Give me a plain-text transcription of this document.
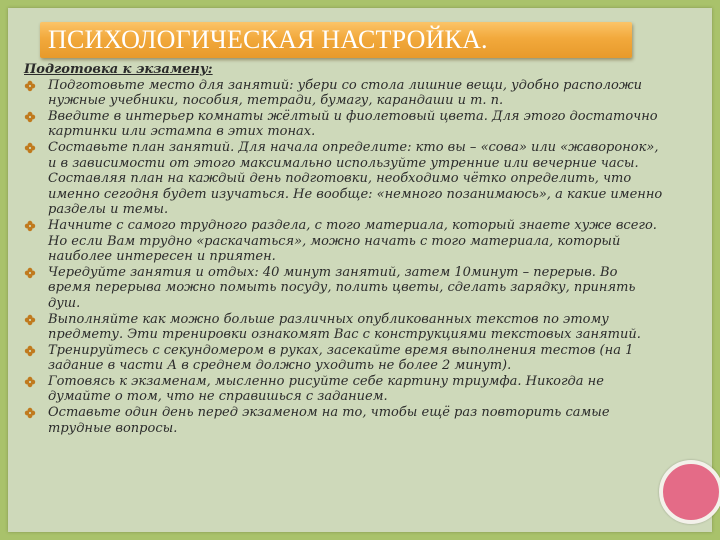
ПСИХОЛОГИЧЕСКАЯ НАСТРОЙКА.

Подготовка к экзамену:

Подготовьте место для занятий: убери со стола лишние вещи, удобно расположи нужные учебники, пособия, тетради, бумагу, карандаши и т. п.
Введите в интерьер комнаты жёлтый и фиолетовый цвета. Для этого достаточно картинки или эстампа в этих тонах.
Составьте план занятий. Для начала определите: кто вы – «сова» или «жаворонок», и в зависимости от этого максимально используйте утренние или вечерние часы. Составляя план на каждый день подготовки, необходимо чётко определить, что именно сегодня будет изучаться. Не вообще: «немного позанимаюсь», а какие именно разделы и темы.
Начните с самого трудного раздела, с того материала, который знаете хуже всего. Но если Вам трудно «раскачаться», можно начать с того материала, который наиболее интересен и приятен.
Чередуйте занятия и отдых: 40 минут занятий, затем 10минут – перерыв. Во время перерыва можно помыть посуду, полить цветы, сделать зарядку, принять душ.
Выполняйте как можно больше различных опубликованных текстов по этому предмету. Эти тренировки ознакомят Вас с конструкциями текстовых занятий.
Тренируйтесь с секундомером в руках, засекайте время выполнения тестов (на 1 задание в части А в среднем должно уходить не более 2 минут).
Готовясь к экзаменам, мысленно рисуйте себе картину триумфа. Никогда не думайте о том, что не справишься с заданием.
Оставьте один день перед экзаменом на то, чтобы ещё раз повторить самые трудные вопросы.
